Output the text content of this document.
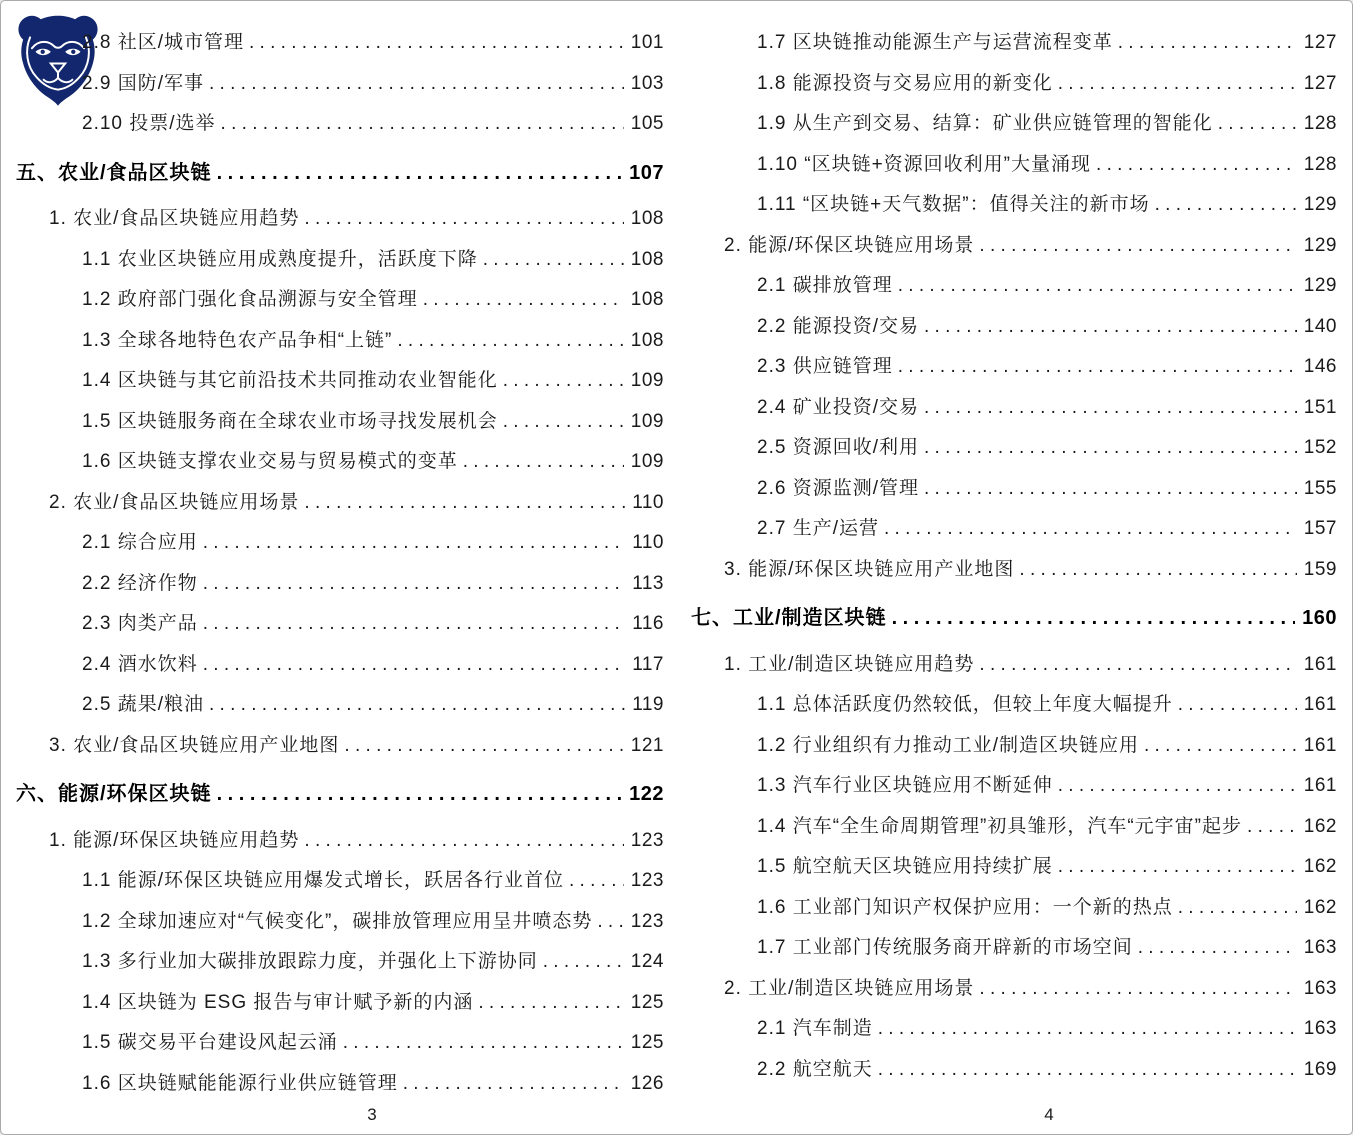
2.8 社区/城市管理 . . .	101
2.9 国防/军事 . . .	103
2.10 投票/选举 . . .	105
五、农业/食品区块链 . . .	107
1. 农业/食品区块链应用趋势 . . .	108
1.1 农业区块链应用成熟度提升，活跃度下降 . . .	108
1.2 政府部门强化食品溯源与安全管理 . . .	108
1.3 全球各地特色农产品争相“上链” . . .	108
1.4 区块链与其它前沿技术共同推动农业智能化 . . .	109
1.5 区块链服务商在全球农业市场寻找发展机会 . . .	109
1.6 区块链支撑农业交易与贸易模式的变革 . . .	109
2. 农业/食品区块链应用场景 . . .	110
2.1 综合应用 . . .	110
2.2 经济作物 . . .	113
2.3 肉类产品 . . .	116
2.4 酒水饮料 . . .	117
2.5 蔬果/粮油 . . .	119
3. 农业/食品区块链应用产业地图 . . .	121
六、能源/环保区块链 . . .	122
1. 能源/环保区块链应用趋势 . . .	123
1.1 能源/环保区块链应用爆发式增长，跃居各行业首位 . . .	123
1.2 全球加速应对“气候变化”，碳排放管理应用呈井喷态势 . . .	123
1.3 多行业加大碳排放跟踪力度，并强化上下游协同 . . .	124
1.4 区块链为 ESG 报告与审计赋予新的内涵 . . .	125
1.5 碳交易平台建设风起云涌 . . .	125
1.6 区块链赋能能源行业供应链管理 . . .	126
1.7 区块链推动能源生产与运营流程变革 . . .	127
1.8 能源投资与交易应用的新变化 . . .	127
1.9 从生产到交易、结算：矿业供应链管理的智能化 . . .	128
1.10 “区块链+资源回收利用”大量涌现 . . .	128
1.11 “区块链+天气数据”：值得关注的新市场 . . .	129
2. 能源/环保区块链应用场景 . . .	129
2.1 碳排放管理 . . .	129
2.2 能源投资/交易 . . .	140
2.3 供应链管理 . . .	146
2.4 矿业投资/交易 . . .	151
2.5 资源回收/利用 . . .	152
2.6 资源监测/管理 . . .	155
2.7 生产/运营 . . .	157
3. 能源/环保区块链应用产业地图 . . .	159
七、工业/制造区块链 . . .	160
1. 工业/制造区块链应用趋势 . . .	161
1.1 总体活跃度仍然较低，但较上年度大幅提升 . . .	161
1.2 行业组织有力推动工业/制造区块链应用 . . .	161
1.3 汽车行业区块链应用不断延伸 . . .	161
1.4 汽车“全生命周期管理”初具雏形，汽车“元宇宙”起步 . . .	162
1.5 航空航天区块链应用持续扩展 . . .	162
1.6 工业部门知识产权保护应用：一个新的热点 . . .	162
1.7 工业部门传统服务商开辟新的市场空间 . . .	163
2. 工业/制造区块链应用场景 . . .	163
2.1 汽车制造 . . .	163
2.2 航空航天 . . .	169
3	4
